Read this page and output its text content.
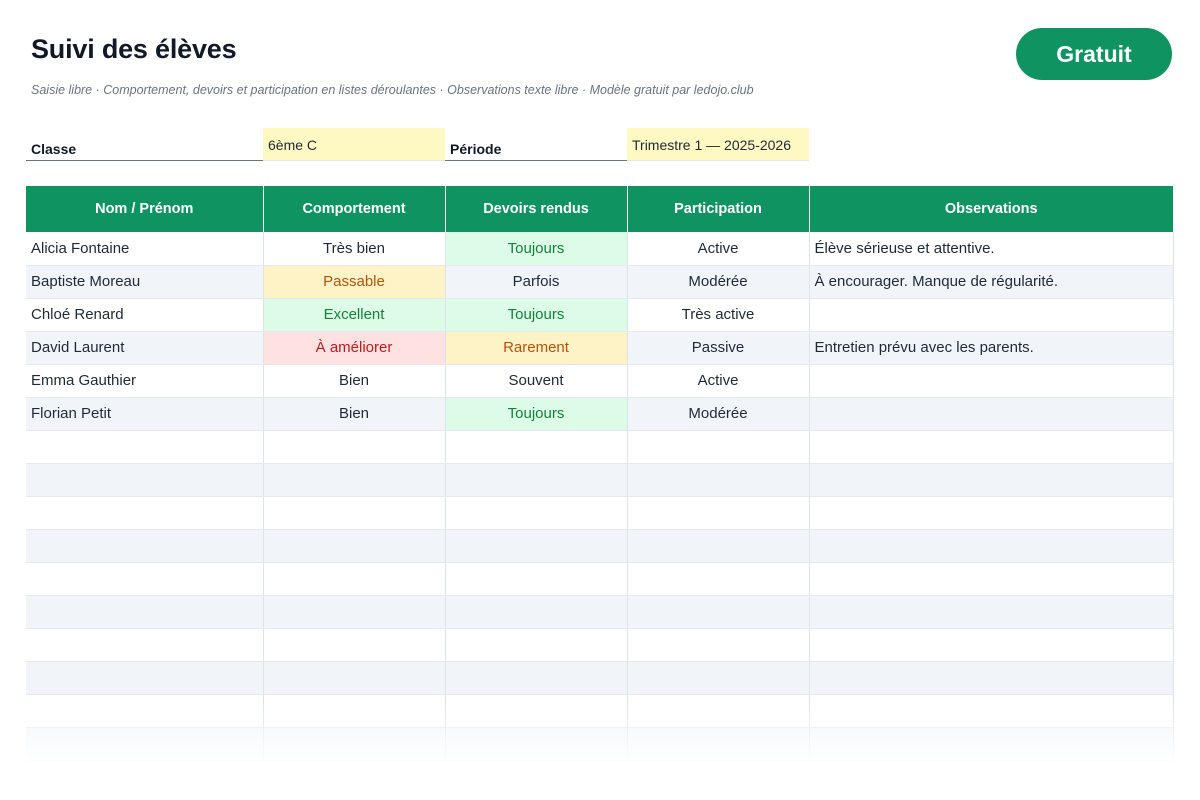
Suivi des élèves
Saisie libre · Comportement, devoirs et participation en listes déroulantes · Observations texte libre · Modèle gratuit par ledojo.club
Gratuit
Classe	6ème C	Période	Trimestre 1 — 2025-2026
Nom / Prénom	Comportement	Devoirs rendus	Participation	Observations
Alicia Fontaine	Très bien	Toujours	Active	Élève sérieuse et attentive.
Baptiste Moreau	Passable	Parfois	Modérée	À encourager. Manque de régularité.
Chloé Renard	Excellent	Toujours	Très active	
David Laurent	À améliorer	Rarement	Passive	Entretien prévu avec les parents.
Emma Gauthier	Bien	Souvent	Active	
Florian Petit	Bien	Toujours	Modérée	
